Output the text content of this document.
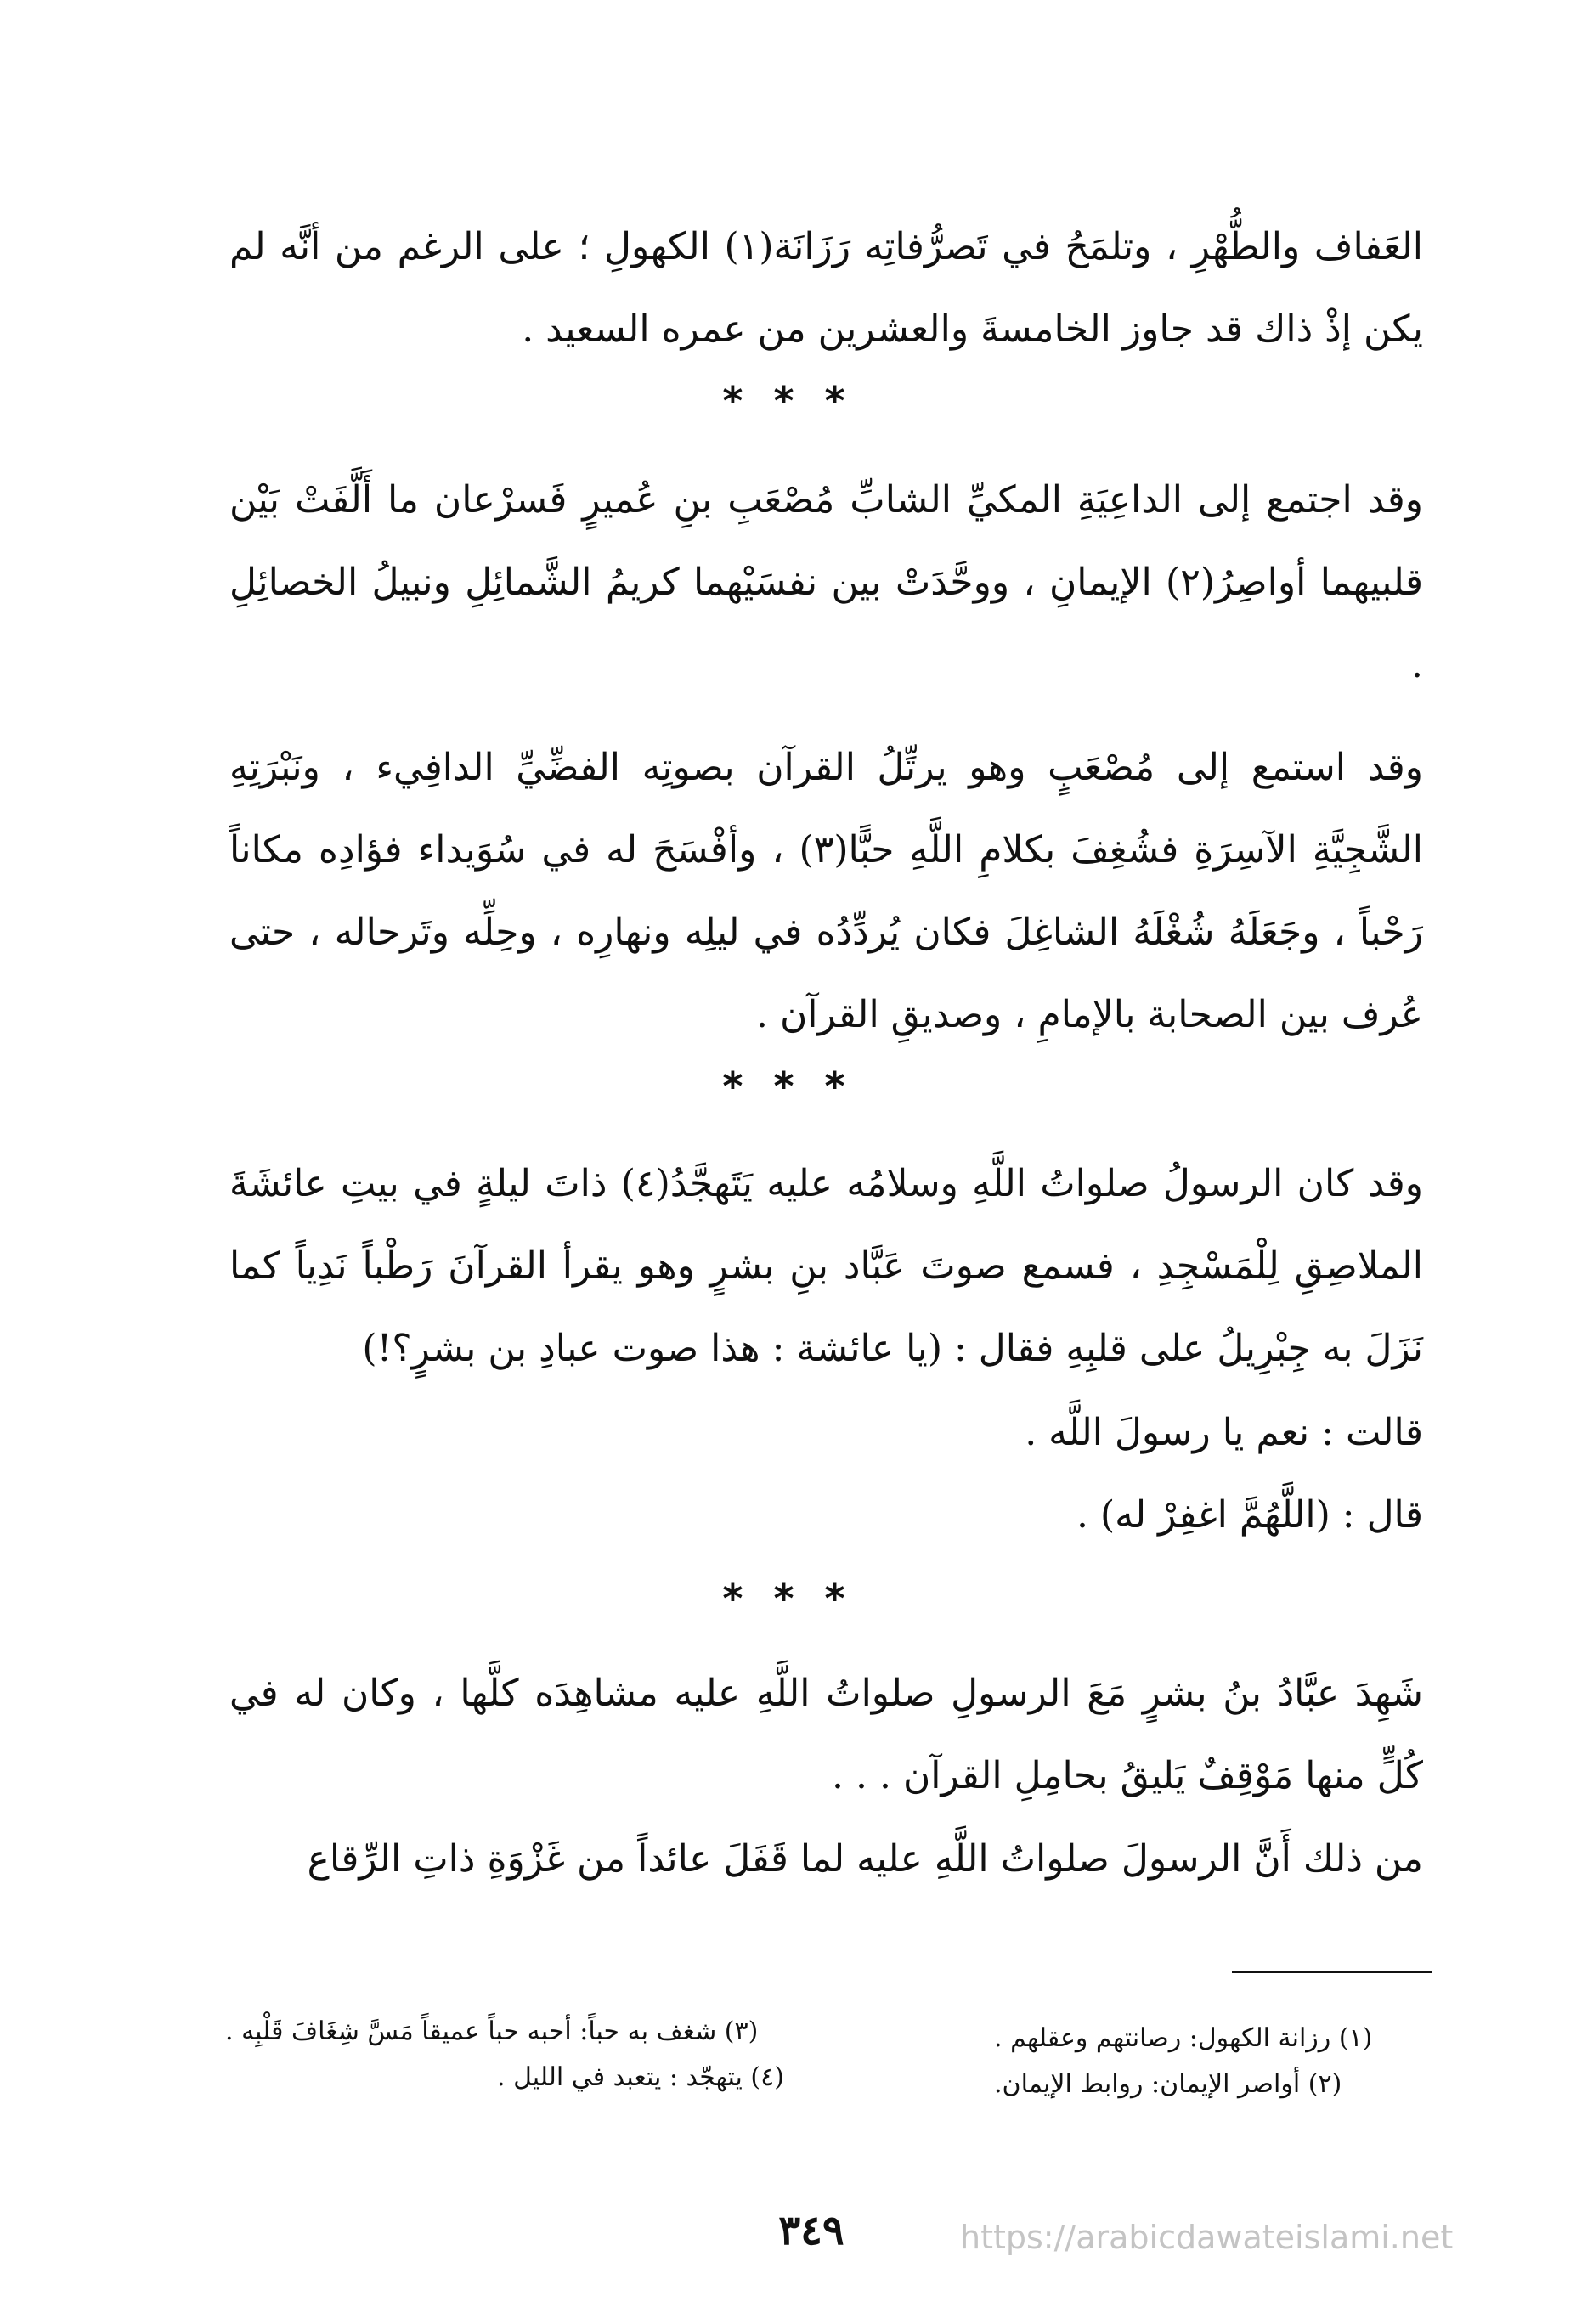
العَفاف والطُّهْرِ ، وتلمَحُ في تَصرُّفاتِه رَزَانَة(١) الكهولِ ؛ على الرغم من أنَّه لم يكن إذْ ذاك قد جاوز الخامسةَ والعشرين من عمره السعيد .

* * *

وقد اجتمع إلى الداعِيَةِ المكيِّ الشابِّ مُصْعَبِ بنِ عُميرٍ فَسرْعان ما أَلَّفَتْ بَيْن قلبيهما أواصِرُ(٢) الإيمانِ ، ووحَّدَتْ بين نفسَيْهما كريمُ الشَّمائِلِ ونبيلُ الخصائِلِ .

وقد استمع إلى مُصْعَبٍ وهو يرتِّلُ القرآن بصوتِه الفضِّيِّ الدافِيء ، ونَبْرَتِهِ الشَّجِيَّةِ الآسِرَةِ فشُغِفَ بكلامِ اللَّهِ حبًّا(٣) ، وأفْسَحَ له في سُوَيداء فؤادِه مكاناً رَحْباً ، وجَعَلَهُ شُغْلَهُ الشاغِلَ فكان يُردِّدُه في ليلِه ونهارِه ، وحِلِّه وتَرحاله ، حتى عُرف بين الصحابة بالإمامِ ، وصديقِ القرآن .

* * *

وقد كان الرسولُ صلواتُ اللَّهِ وسلامُه عليه يَتَهجَّدُ(٤) ذاتَ ليلةٍ في بيتِ عائشَةَ الملاصِقِ لِلْمَسْجِدِ ، فسمع صوتَ عَبَّاد بنِ بشرٍ وهو يقرأ القرآنَ رَطْباً نَدِياً كما نَزَلَ به جِبْرِيلُ على قلبِهِ فقال : (يا عائشة : هذا صوت عبادِ بن بشرٍ؟!)

قالت : نعم يا رسولَ اللَّه .

قال : (اللَّهُمَّ اغفِرْ له) .

* * *

شَهِدَ عبَّادُ بنُ بشرٍ مَعَ الرسولِ صلواتُ اللَّهِ عليه مشاهِدَه كلَّها ، وكان له في كُلٍّ منها مَوْقِفٌ يَليقُ بحامِلِ القرآن . . .

من ذلك أَنَّ الرسولَ صلواتُ اللَّهِ عليه لما قَفَلَ عائداً من غَزْوَةِ ذاتِ الرِّقاع

(١) رزانة الكهول: رصانتهم وعقلهم .
(٢) أواصر الإيمان: روابط الإيمان.
(٣) شغف به حباً: أحبه حباً عميقاً مَسَّ شِغَافَ قَلْبِه .
(٤) يتهجّد : يتعبد في الليل .
٣٤٩	https://arabicdawateislami.net
